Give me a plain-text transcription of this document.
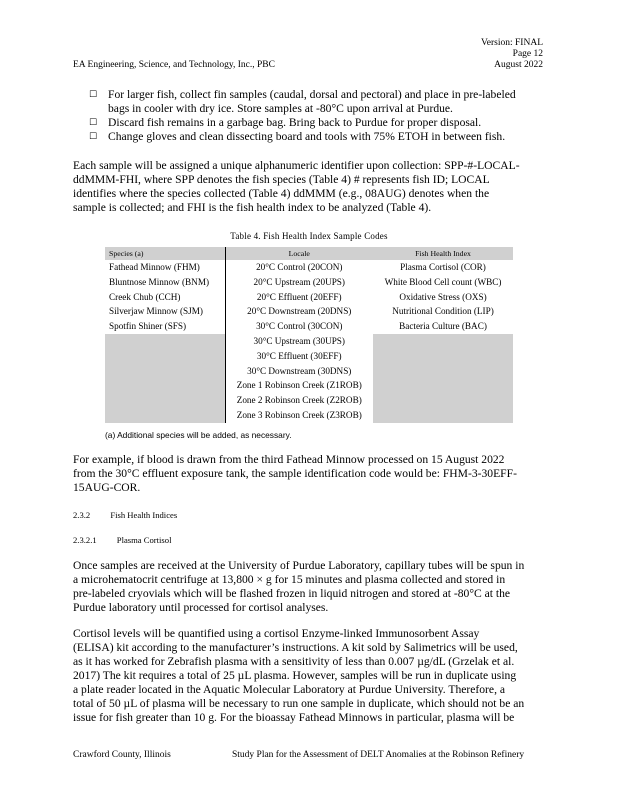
Version: FINAL
Page 12
EA Engineering, Science, and Technology, Inc., PBC	August 2022
☐ For larger fish, collect fin samples (caudal, dorsal and pectoral) and place in pre-labeled
bags in cooler with dry ice. Store samples at -80°C upon arrival at Purdue.
☐ Discard fish remains in a garbage bag. Bring back to Purdue for proper disposal.
☐ Change gloves and clean dissecting board and tools with 75% ETOH in between fish.
Each sample will be assigned a unique alphanumeric identifier upon collection: SPP-#-LOCAL-
ddMMM-FHI, where SPP denotes the fish species (Table 4) # represents fish ID; LOCAL
identifies where the species collected (Table 4) ddMMM (e.g., 08AUG) denotes when the
sample is collected; and FHI is the fish health index to be analyzed (Table 4).
Table 4. Fish Health Index Sample Codes
Species (a)	Locale	Fish Health Index
Fathead Minnow (FHM)	20°C Control (20CON)	Plasma Cortisol (COR)
Bluntnose Minnow (BNM)	20°C Upstream (20UPS)	White Blood Cell count (WBC)
Creek Chub (CCH)	20°C Effluent (20EFF)	Oxidative Stress (OXS)
Silverjaw Minnow (SJM)	20°C Downstream (20DNS)	Nutritional Condition (LIP)
Spotfin Shiner (SFS)	30°C Control (30CON)	Bacteria Culture (BAC)
	30°C Upstream (30UPS)	
	30°C Effluent (30EFF)	
	30°C Downstream (30DNS)	
	Zone 1 Robinson Creek (Z1ROB)	
	Zone 2 Robinson Creek (Z2ROB)	
	Zone 3 Robinson Creek (Z3ROB)	
(a) Additional species will be added, as necessary.
For example, if blood is drawn from the third Fathead Minnow processed on 15 August 2022
from the 30°C effluent exposure tank, the sample identification code would be: FHM-3-30EFF-
15AUG-COR.
2.3.2 Fish Health Indices
2.3.2.1 Plasma Cortisol
Once samples are received at the University of Purdue Laboratory, capillary tubes will be spun in
a microhematocrit centrifuge at 13,800 × g for 15 minutes and plasma collected and stored in
pre-labeled cryovials which will be flashed frozen in liquid nitrogen and stored at -80°C at the
Purdue laboratory until processed for cortisol analyses.
Cortisol levels will be quantified using a cortisol Enzyme-linked Immunosorbent Assay
(ELISA) kit according to the manufacturer’s instructions. A kit sold by Salimetrics will be used,
as it has worked for Zebrafish plasma with a sensitivity of less than 0.007 µg/dL (Grzelak et al.
2017) The kit requires a total of 25 µL plasma. However, samples will be run in duplicate using
a plate reader located in the Aquatic Molecular Laboratory at Purdue University. Therefore, a
total of 50 µL of plasma will be necessary to run one sample in duplicate, which should not be an
issue for fish greater than 10 g. For the bioassay Fathead Minnows in particular, plasma will be
Crawford County, Illinois	Study Plan for the Assessment of DELT Anomalies at the Robinson Refinery
